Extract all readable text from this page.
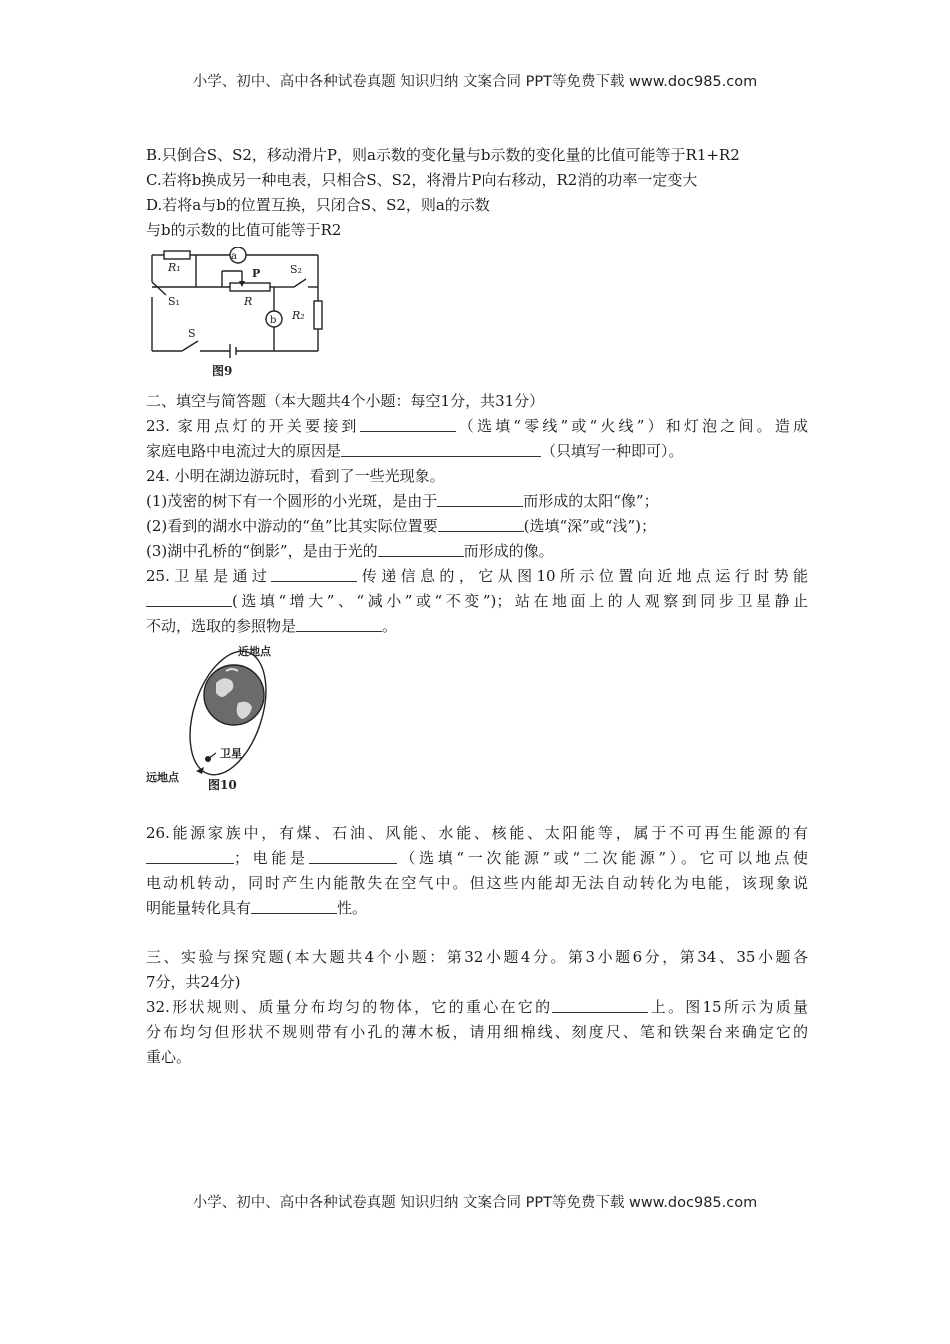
小学、初中、高中各种试卷真题 知识归纳 文案合同 PPT等免费下载 www.doc985.com
B.只倒合S、S2，移动滑片P，则a示数的变化量与b示数的变化量的比值可能等于R1+R2
C.若将b换成另一种电表，只相合S、S2，将滑片P向右移动，R2消的功率一定变大
D.若将a与b的位置互换，只闭合S、S2，则a的示数
与b的示数的比值可能等于R2
R₁
S₁
P
R
S₂
R₂
S
a
b
图9
二、填空与简答题（本大题共4个小题：每空1分，共31分）
23. 家用点灯的开关要接到	（选填“零线”或“火线”）和灯泡之间。造成
家庭电路中电流过大的原因是	（只填写一种即可）。
24. 小明在湖边游玩时，看到了一些光现象。
(1)茂密的树下有一个圆形的小光斑，是由于	而形成的太阳“像”；
(2)看到的湖水中游动的“鱼”比其实际位置要	(选填“深”或“浅”)；
(3)湖中孔桥的“倒影”，是由于光的	而形成的像。
25.卫星是通过	传递信息的，它从图10所示位置向近地点运行时势能
(选填“增大”、“减小”或“不变”)；站在地面上的人观察到同步卫星静止
不动，选取的参照物是	。
近地点
卫星
远地点
图10
26.能源家族中，有煤、石油、风能、水能、核能、太阳能等，属于不可再生能源的有
；电能是	（选填“一次能源”或“二次能源”）。它可以地点使
电动机转动，同时产生内能散失在空气中。但这些内能却无法自动转化为电能，该现象说
明能量转化具有	性。
三、实验与探究题(本大题共4个小题：第32小题4分。第3小题6分，第34、35小题各
7分，共24分)
32.形状规则、质量分布均匀的物体，它的重心在它的	上。图15所示为质量
分布均匀但形状不规则带有小孔的薄木板，请用细棉线、刻度尺、笔和铁架台来确定它的
重心。
小学、初中、高中各种试卷真题 知识归纳 文案合同 PPT等免费下载 www.doc985.com
